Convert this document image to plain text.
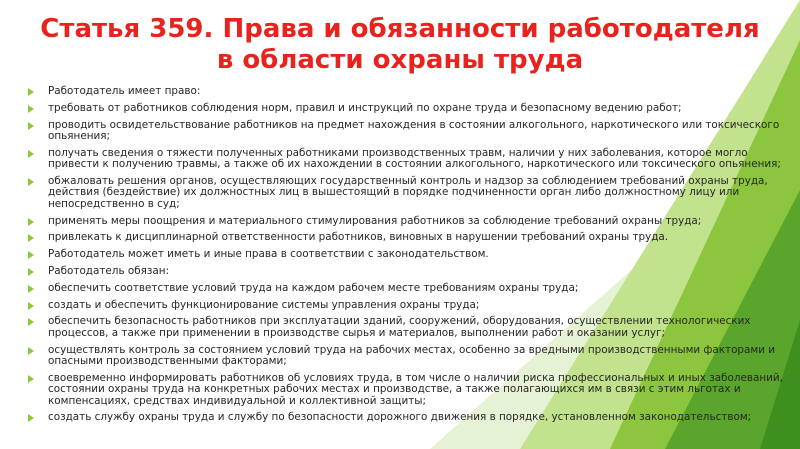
Статья 359. Права и обязанности работодателя
в области охраны труда
Работодатель имеет право:
требовать от работников соблюдения норм, правил и инструкций по охране труда и безопасному ведению работ;
проводить освидетельствование работников на предмет нахождения в состоянии алкогольного, наркотического или токсического опьянения;
получать сведения о тяжести полученных работниками производственных травм, наличии у них заболевания, которое могло привести к получению травмы, а также об их нахождении в состоянии алкогольного, наркотического или токсического опьянения;
обжаловать решения органов, осуществляющих государственный контроль и надзор за соблюдением требований охраны труда, действия (бездействие) их должностных лиц в вышестоящий в порядке подчиненности орган либо должностному лицу или непосредственно в суд;
применять меры поощрения и материального стимулирования работников за соблюдение требований охраны труда;
привлекать к дисциплинарной ответственности работников, виновных в нарушении требований охраны труда.
Работодатель может иметь и иные права в соответствии с законодательством.
Работодатель обязан:
обеспечить соответствие условий труда на каждом рабочем месте требованиям охраны труда;
создать и обеспечить функционирование системы управления охраны труда;
обеспечить безопасность работников при эксплуатации зданий, сооружений, оборудования, осуществлении технологических процессов, а также при применении в производстве сырья и материалов, выполнении работ и оказании услуг;
осуществлять контроль за состоянием условий труда на рабочих местах, особенно за вредными производственными факторами и опасными производственными факторами;
своевременно информировать работников об условиях труда, в том числе о наличии риска профессиональных и иных заболеваний, состоянии охраны труда на конкретных рабочих местах и производстве, а также полагающихся им в связи с этим льготах и компенсациях, средствах индивидуальной и коллективной защиты;
создать службу охраны труда и службу по безопасности дорожного движения в порядке, установленном законодательством;
